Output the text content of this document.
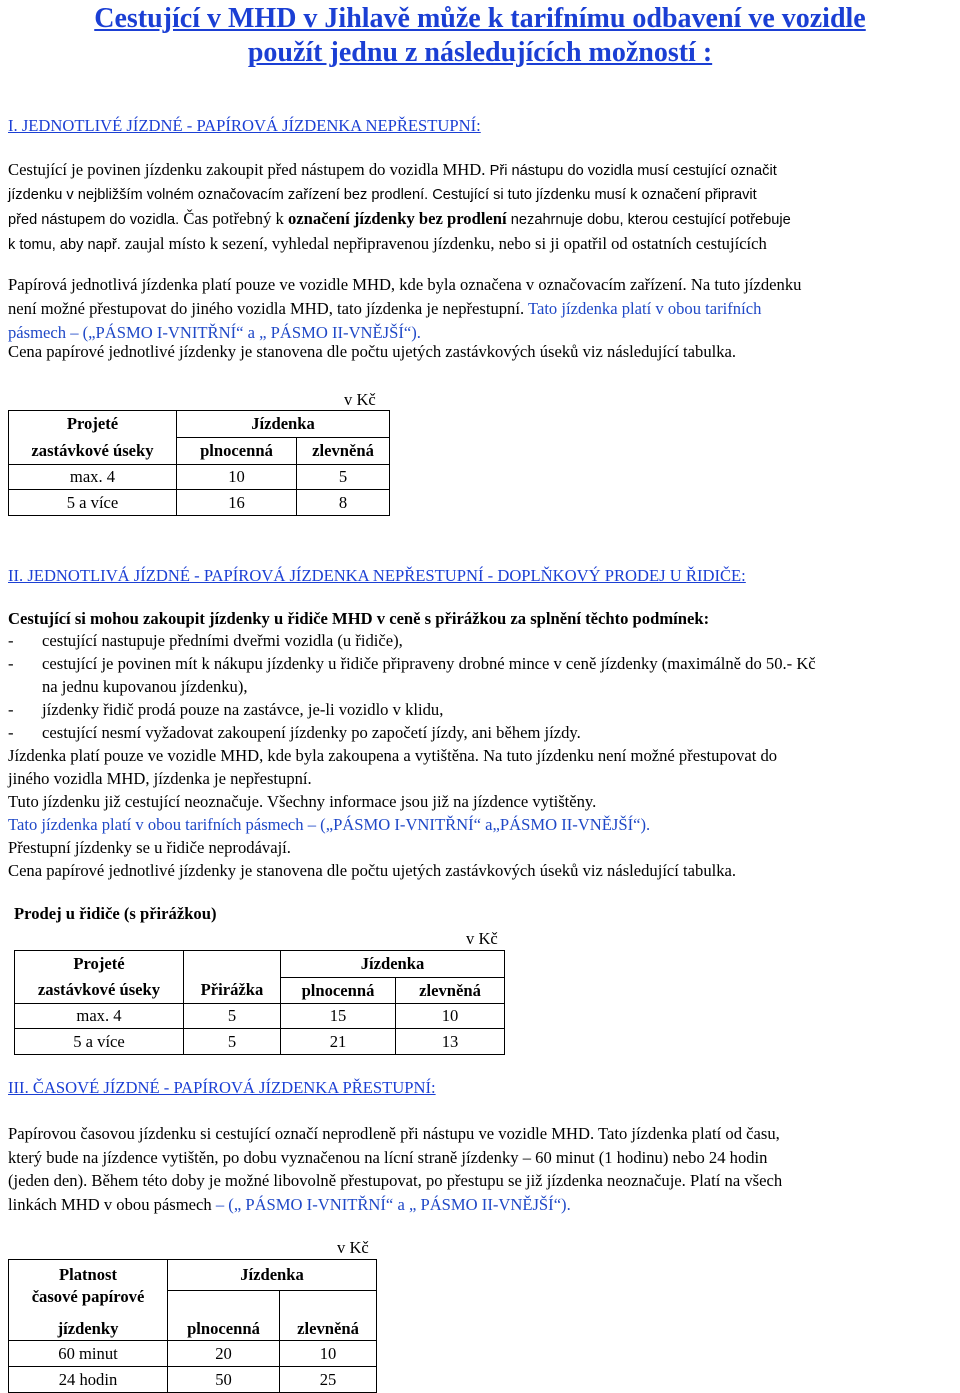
Cestující v MHD v Jihlavě může k tarifnímu odbavení ve vozidle
použít jednu z následujících možností :
I. JEDNOTLIVÉ JÍZDNÉ - PAPÍROVÁ JÍZDENKA NEPŘESTUPNÍ:
Cestující je povinen jízdenku zakoupit před nástupem do vozidla MHD. Při nástupu do vozidla musí cestující označit
jízdenku v nejbližším volném označovacím zařízení bez prodlení. Cestující si tuto jízdenku musí k označení připravit
před nástupem do vozidla. Čas potřebný k označení jízdenky bez prodlení nezahrnuje dobu, kterou cestující potřebuje
k tomu, aby např. zaujal místo k sezení, vyhledal nepřipravenou jízdenku, nebo si ji opatřil od ostatních cestujících
Papírová jednotlivá jízdenka platí pouze ve vozidle MHD, kde byla označena v označovacím zařízení. Na tuto jízdenku
není možné přestupovat do jiného vozidla MHD, tato jízdenka je nepřestupní. Tato jízdenka platí v obou tarifních
pásmech – („PÁSMO I-VNITŘNÍ“ a „ PÁSMO II-VNĚJŠÍ“).
Cena papírové jednotlivé jízdenky je stanovena dle počtu ujetých zastávkových úseků viz následující tabulka.
v Kč
Projeté	Jízdenka	
zastávkové úseky	plnocenná	zlevněná
max. 4	10	5
5 a více	16	8
II. JEDNOTLIVÁ JÍZDNÉ - PAPÍROVÁ JÍZDENKA NEPŘESTUPNÍ - DOPLŇKOVÝ PRODEJ U ŘIDIČE:
Cestující si mohou zakoupit jízdenky u řidiče MHD v ceně s přirážkou za splnění těchto podmínek:
- cestující nastupuje předními dveřmi vozidla (u řidiče),
- cestující je povinen mít k nákupu jízdenky u řidiče připraveny drobné mince v ceně jízdenky (maximálně do 50.- Kč
na jednu kupovanou jízdenku),
- jízdenky řidič prodá pouze na zastávce, je-li vozidlo v klidu,
- cestující nesmí vyžadovat zakoupení jízdenky po započetí jízdy, ani během jízdy.
Jízdenka platí pouze ve vozidle MHD, kde byla zakoupena a vytištěna. Na tuto jízdenku není možné přestupovat do
jiného vozidla MHD, jízdenka je nepřestupní.
Tuto jízdenku již cestující neoznačuje. Všechny informace jsou již na jízdence vytištěny.
Tato jízdenka platí v obou tarifních pásmech – („PÁSMO I-VNITŘNÍ“ a„PÁSMO II-VNĚJŠÍ“).
Přestupní jízdenky se u řidiče neprodávají.
Cena papírové jednotlivé jízdenky je stanovena dle počtu ujetých zastávkových úseků viz následující tabulka.
Prodej u řidiče (s přirážkou)
v Kč
Projeté		Jízdenka	
zastávkové úseky	Přirážka	plnocenná	zlevněná
max. 4	5	15	10
5 a více	5	21	13
III. ČASOVÉ JÍZDNÉ - PAPÍROVÁ JÍZDENKA PŘESTUPNÍ:
Papírovou časovou jízdenku si cestující označí neprodleně při nástupu ve vozidle MHD. Tato jízdenka platí od času,
který bude na jízdence vytištěn, po dobu vyznačenou na lícní straně jízdenky – 60 minut (1 hodinu) nebo 24 hodin
(jeden den). Během této doby je možné libovolně přestupovat, po přestupu se již jízdenka neoznačuje. Platí na všech
linkách MHD v obou pásmech – („ PÁSMO I-VNITŘNÍ“ a „ PÁSMO II-VNĚJŠÍ“).
v Kč
Platnost
časové papírové	Jízdenka	

jízdenky	plnocenná	zlevněná
60 minut	20	10
24 hodin	50	25
